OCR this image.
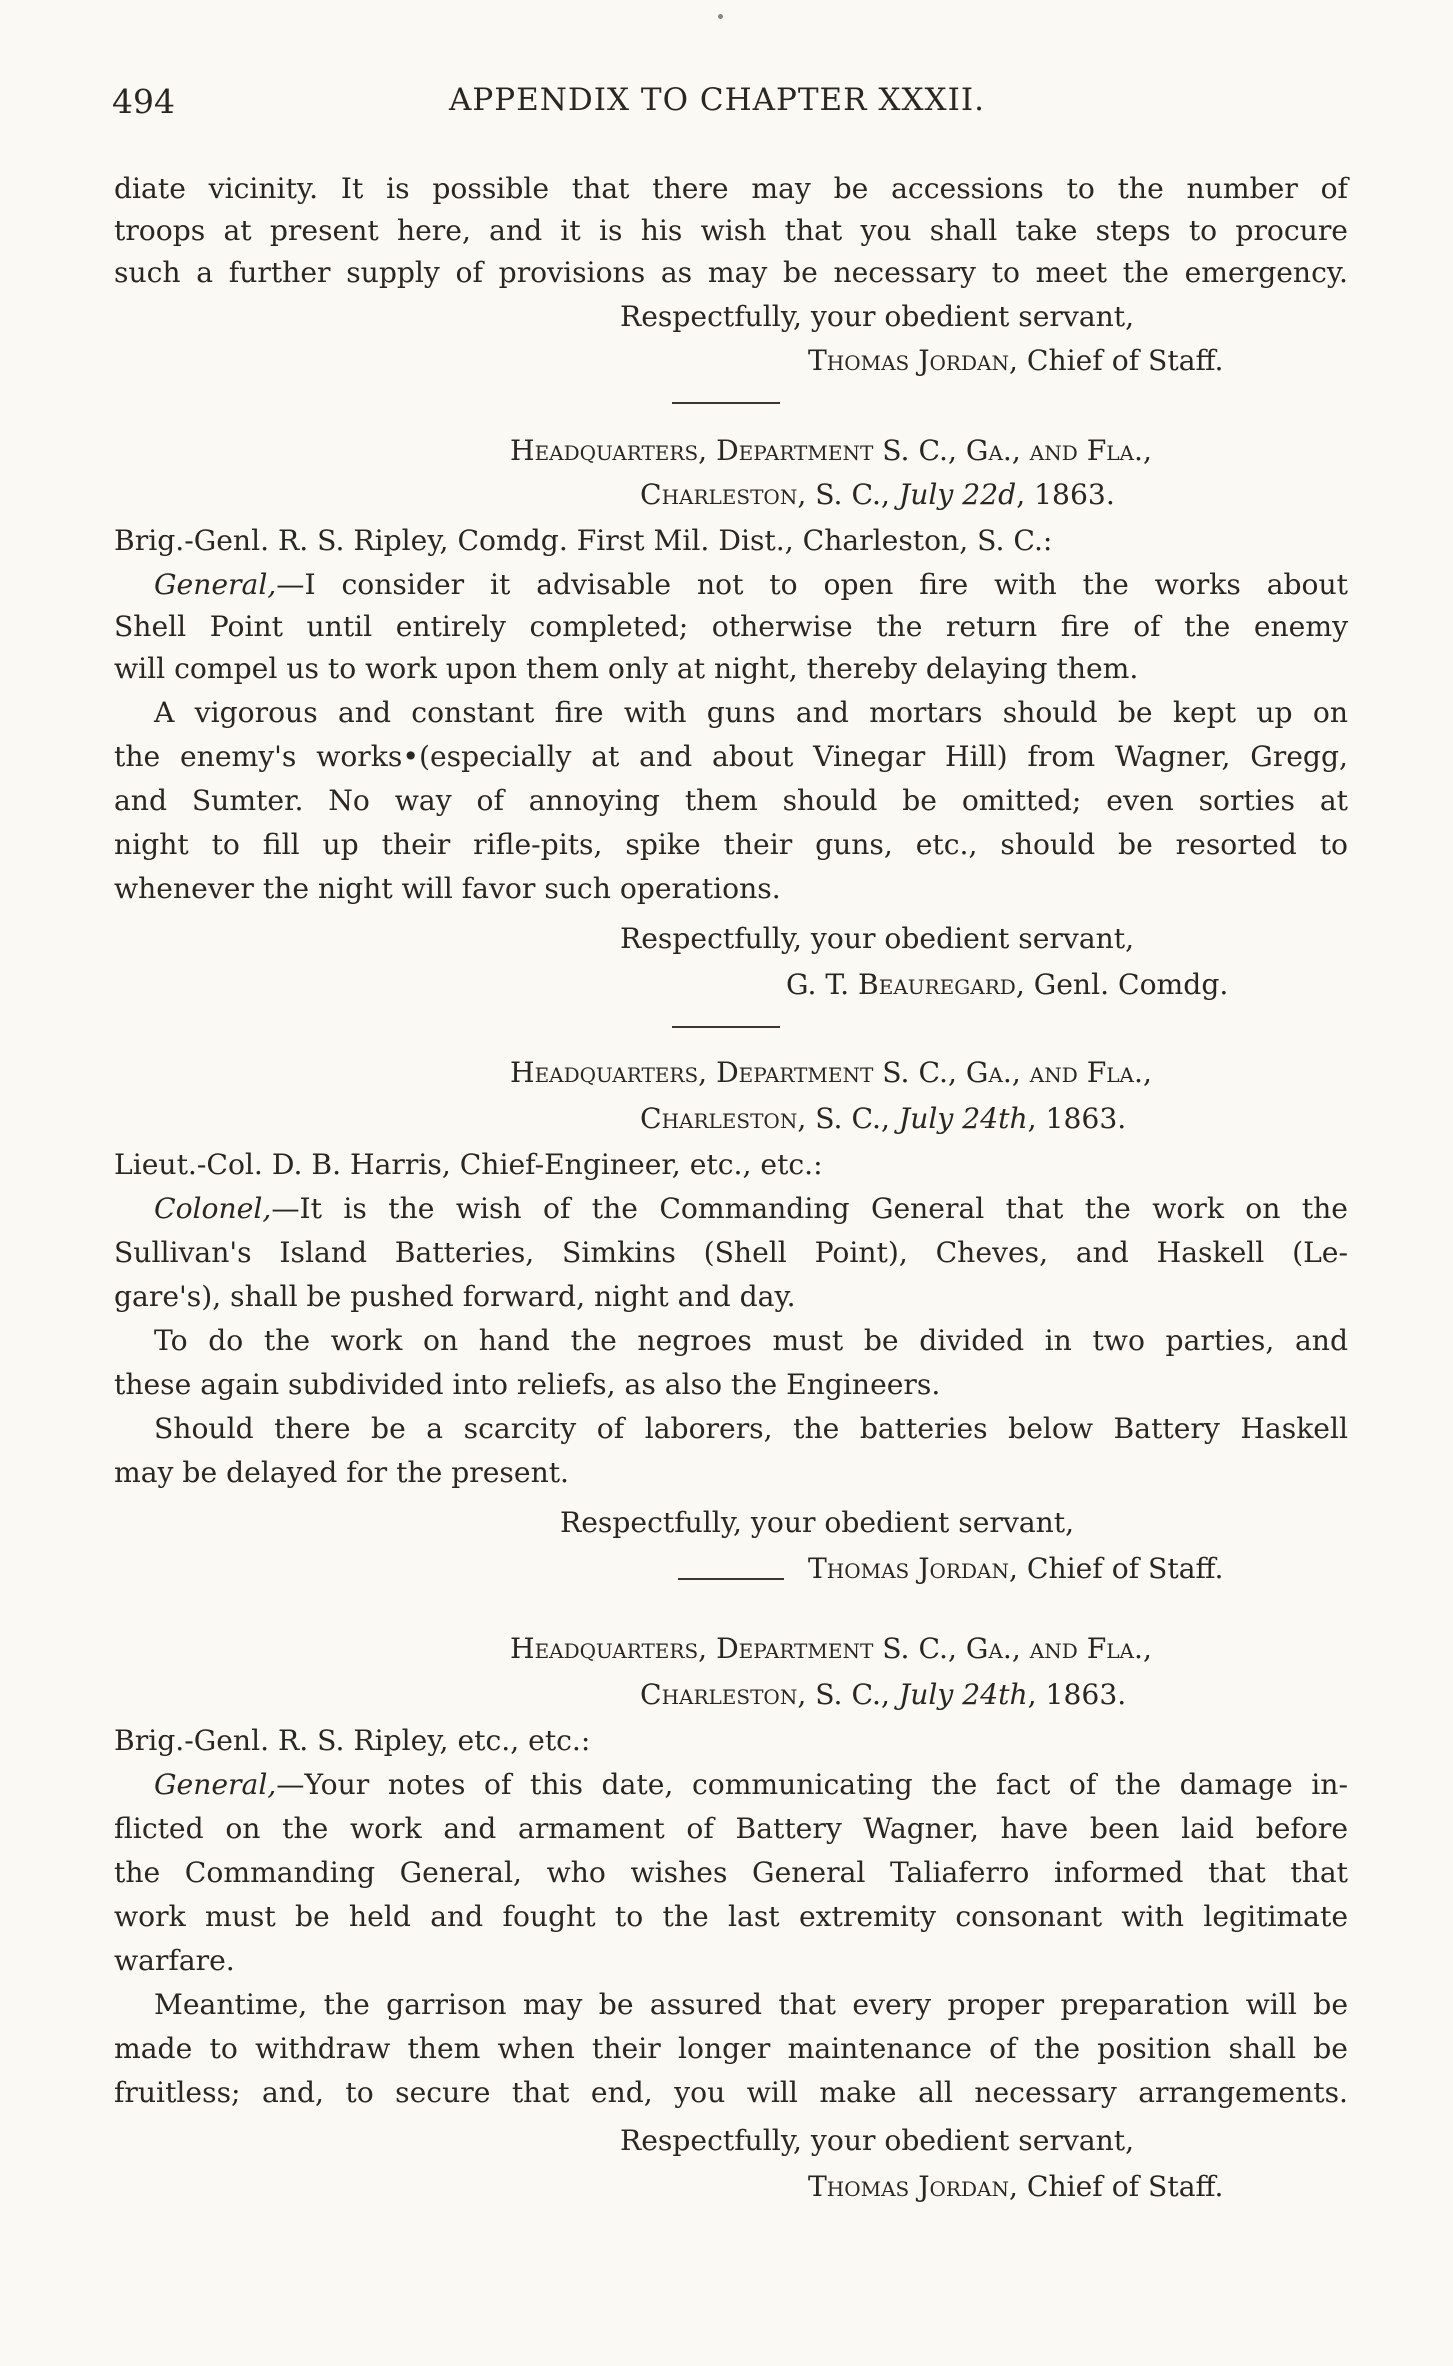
494	APPENDIX TO CHAPTER XXXII.
diate vicinity. It is possible that there may be accessions to the number of
troops at present here, and it is his wish that you shall take steps to procure
such a further supply of provisions as may be necessary to meet the emergency.
Respectfully, your obedient servant,
Thomas Jordan, Chief of Staff.
Headquarters, Department S. C., Ga., and Fla.,
Charleston, S. C., July 22d, 1863.
Brig.-Genl. R. S. Ripley, Comdg. First Mil. Dist., Charleston, S. C.:
General,—I consider it advisable not to open fire with the works about
Shell Point until entirely completed; otherwise the return fire of the enemy
will compel us to work upon them only at night, thereby delaying them.
A vigorous and constant fire with guns and mortars should be kept up on
the enemy's works•(especially at and about Vinegar Hill) from Wagner, Gregg,
and Sumter. No way of annoying them should be omitted; even sorties at
night to fill up their rifle-pits, spike their guns, etc., should be resorted to
whenever the night will favor such operations.
Respectfully, your obedient servant,
G. T. Beauregard, Genl. Comdg.
Headquarters, Department S. C., Ga., and Fla.,
Charleston, S. C., July 24th, 1863.
Lieut.-Col. D. B. Harris, Chief-Engineer, etc., etc.:
Colonel,—It is the wish of the Commanding General that the work on the
Sullivan's Island Batteries, Simkins (Shell Point), Cheves, and Haskell (Le-
gare's), shall be pushed forward, night and day.
To do the work on hand the negroes must be divided in two parties, and
these again subdivided into reliefs, as also the Engineers.
Should there be a scarcity of laborers, the batteries below Battery Haskell
may be delayed for the present.
Respectfully, your obedient servant,
Thomas Jordan, Chief of Staff.
Headquarters, Department S. C., Ga., and Fla.,
Charleston, S. C., July 24th, 1863.
Brig.-Genl. R. S. Ripley, etc., etc.:
General,—Your notes of this date, communicating the fact of the damage in-
flicted on the work and armament of Battery Wagner, have been laid before
the Commanding General, who wishes General Taliaferro informed that that
work must be held and fought to the last extremity consonant with legitimate
warfare.
Meantime, the garrison may be assured that every proper preparation will be
made to withdraw them when their longer maintenance of the position shall be
fruitless; and, to secure that end, you will make all necessary arrangements.
Respectfully, your obedient servant,
Thomas Jordan, Chief of Staff.
